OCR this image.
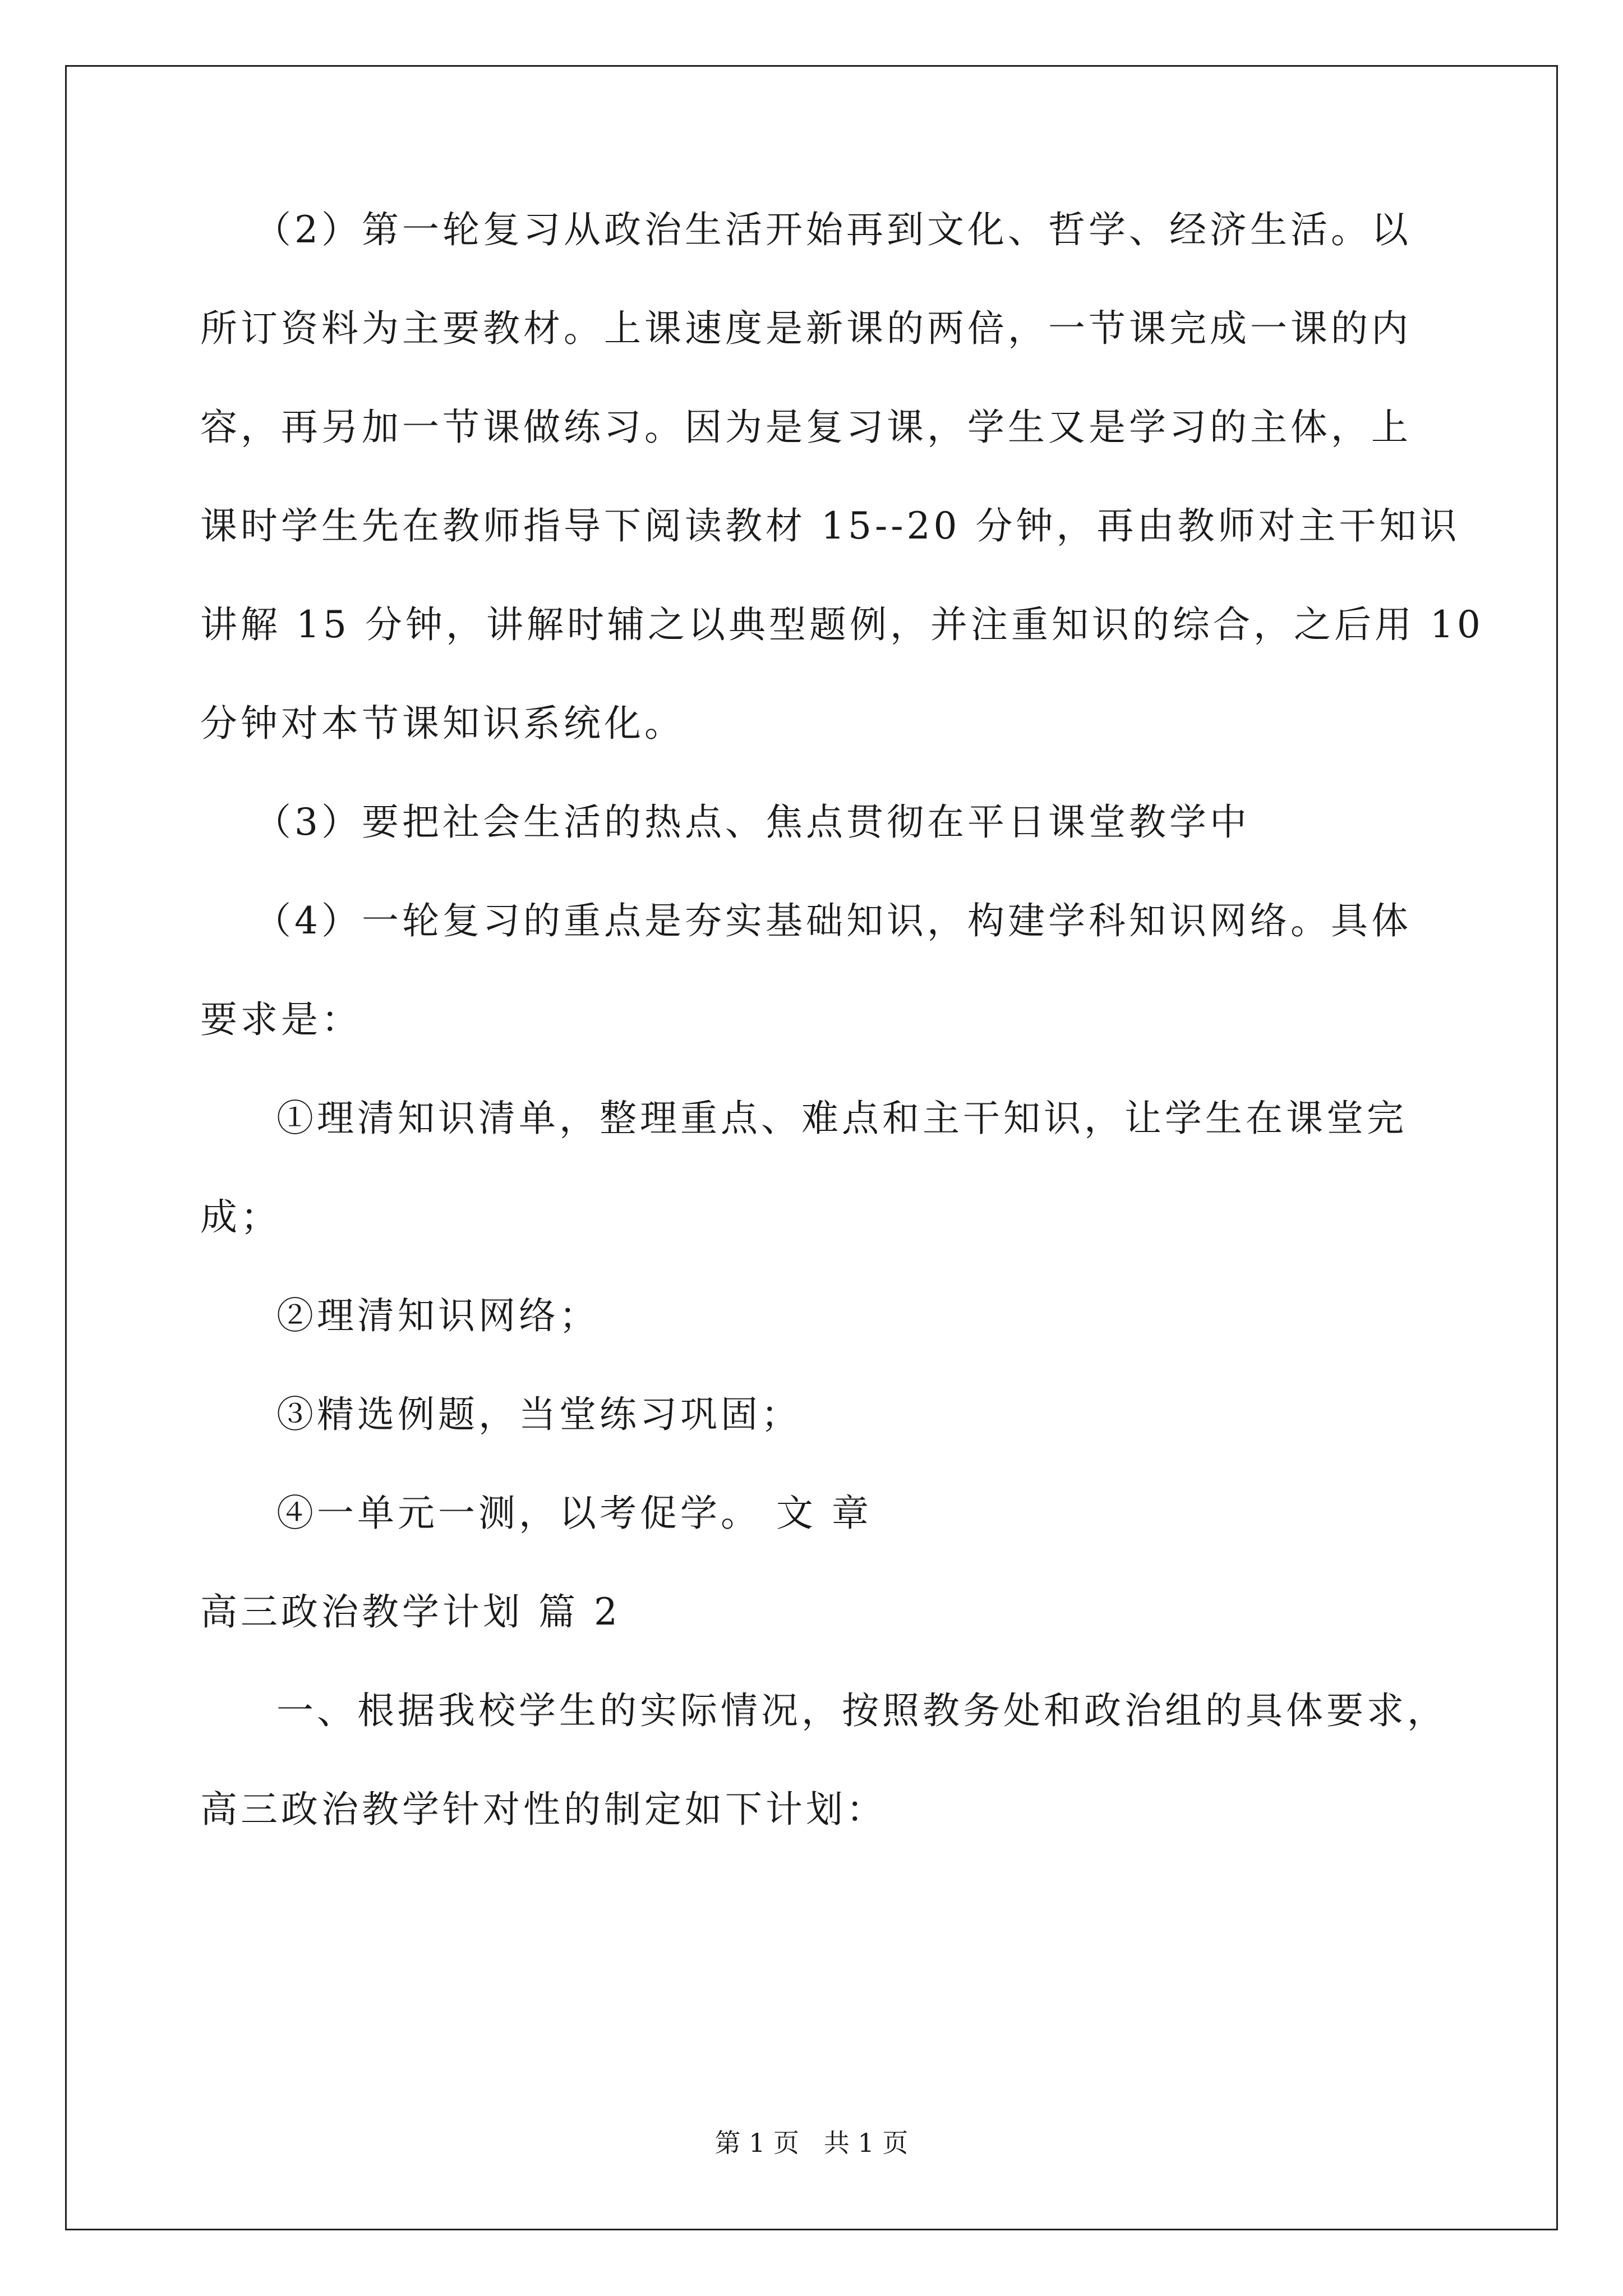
（2）第一轮复习从政治生活开始再到文化、哲学、经济生活。以
所订资料为主要教材。上课速度是新课的两倍，一节课完成一课的内
容，再另加一节课做练习。因为是复习课，学生又是学习的主体，上
课时学生先在教师指导下阅读教材 15--20 分钟，再由教师对主干知识
讲解 15 分钟，讲解时辅之以典型题例，并注重知识的综合，之后用 10
分钟对本节课知识系统化。
（3）要把社会生活的热点、焦点贯彻在平日课堂教学中
（4）一轮复习的重点是夯实基础知识，构建学科知识网络。具体
要求是：
①理清知识清单，整理重点、难点和主干知识，让学生在课堂完
成；
②理清知识网络；
③精选例题，当堂练习巩固；
④一单元一测，以考促学。 文 章
高三政治教学计划 篇 2
一、根据我校学生的实际情况，按照教务处和政治组的具体要求，
高三政治教学针对性的制定如下计划：
第 1 页   共 1 页
